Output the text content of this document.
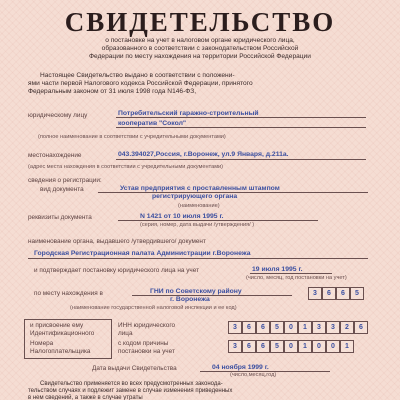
СВИДЕТЕЛЬСТВО
о постановке на учет в налоговом органе юридического лица,
образованного в соответствии с законодательством Российской
Федерации по месту нахождения на территории Российской Федерации
Настоящее Свидетельство выдано в соответствии с положени-
ями части первой Налогового кодекса Российской Федерации, принятого
Федеральным законом от 31 июля 1998 года N146-ФЗ,
юридическому лицу	Потребительский гаражно-строительный
кооператив "Сокол"
(полное наименование в соответствии с учредительными документами)
местонахождение	043.394027,Россия, г.Воронеж, ул.9 Января, д.211а.
(адрес места нахождения в соответствии с учредительными документами)
сведения о регистрации:
вид документа	Устав предприятия с проставленным штампом
регистрирующего органа
(наименование)
реквизиты документа	N 1421 от 10 июля 1995 г.
(серия, номер, дата выдачи /утверждения/ )
наименование органа, выдавшего /утвердившего/ документ
Городская Регистрационная палата Администрации г.Воронежа
и подтверждает постановку юридического лица на учет	19 июля 1995 г.
(число, месяц, год постановки на учет)
по месту нахождения в	ГНИ по Советскому району
г. Воронежа
3	6	6	5
(наименование государственной налоговой инспекции и ее код)
и присвоение ему
Идентификационного
Номера
Налогоплательщика
ИНН юридического
лица
3	6	6	5	0	1	3	3	2	6
с кодом причины
постановки на учет
3	6	6	5	0	1	0	0	1
Дата выдачи Свидетельства	04 ноября 1999 г.
(число,месяц,год)
Свидетельство применяется во всех предусмотренных законода-
тельством случаях и подлежит замене в случае изменения приведенных
в нем сведений, а также в случае утраты
